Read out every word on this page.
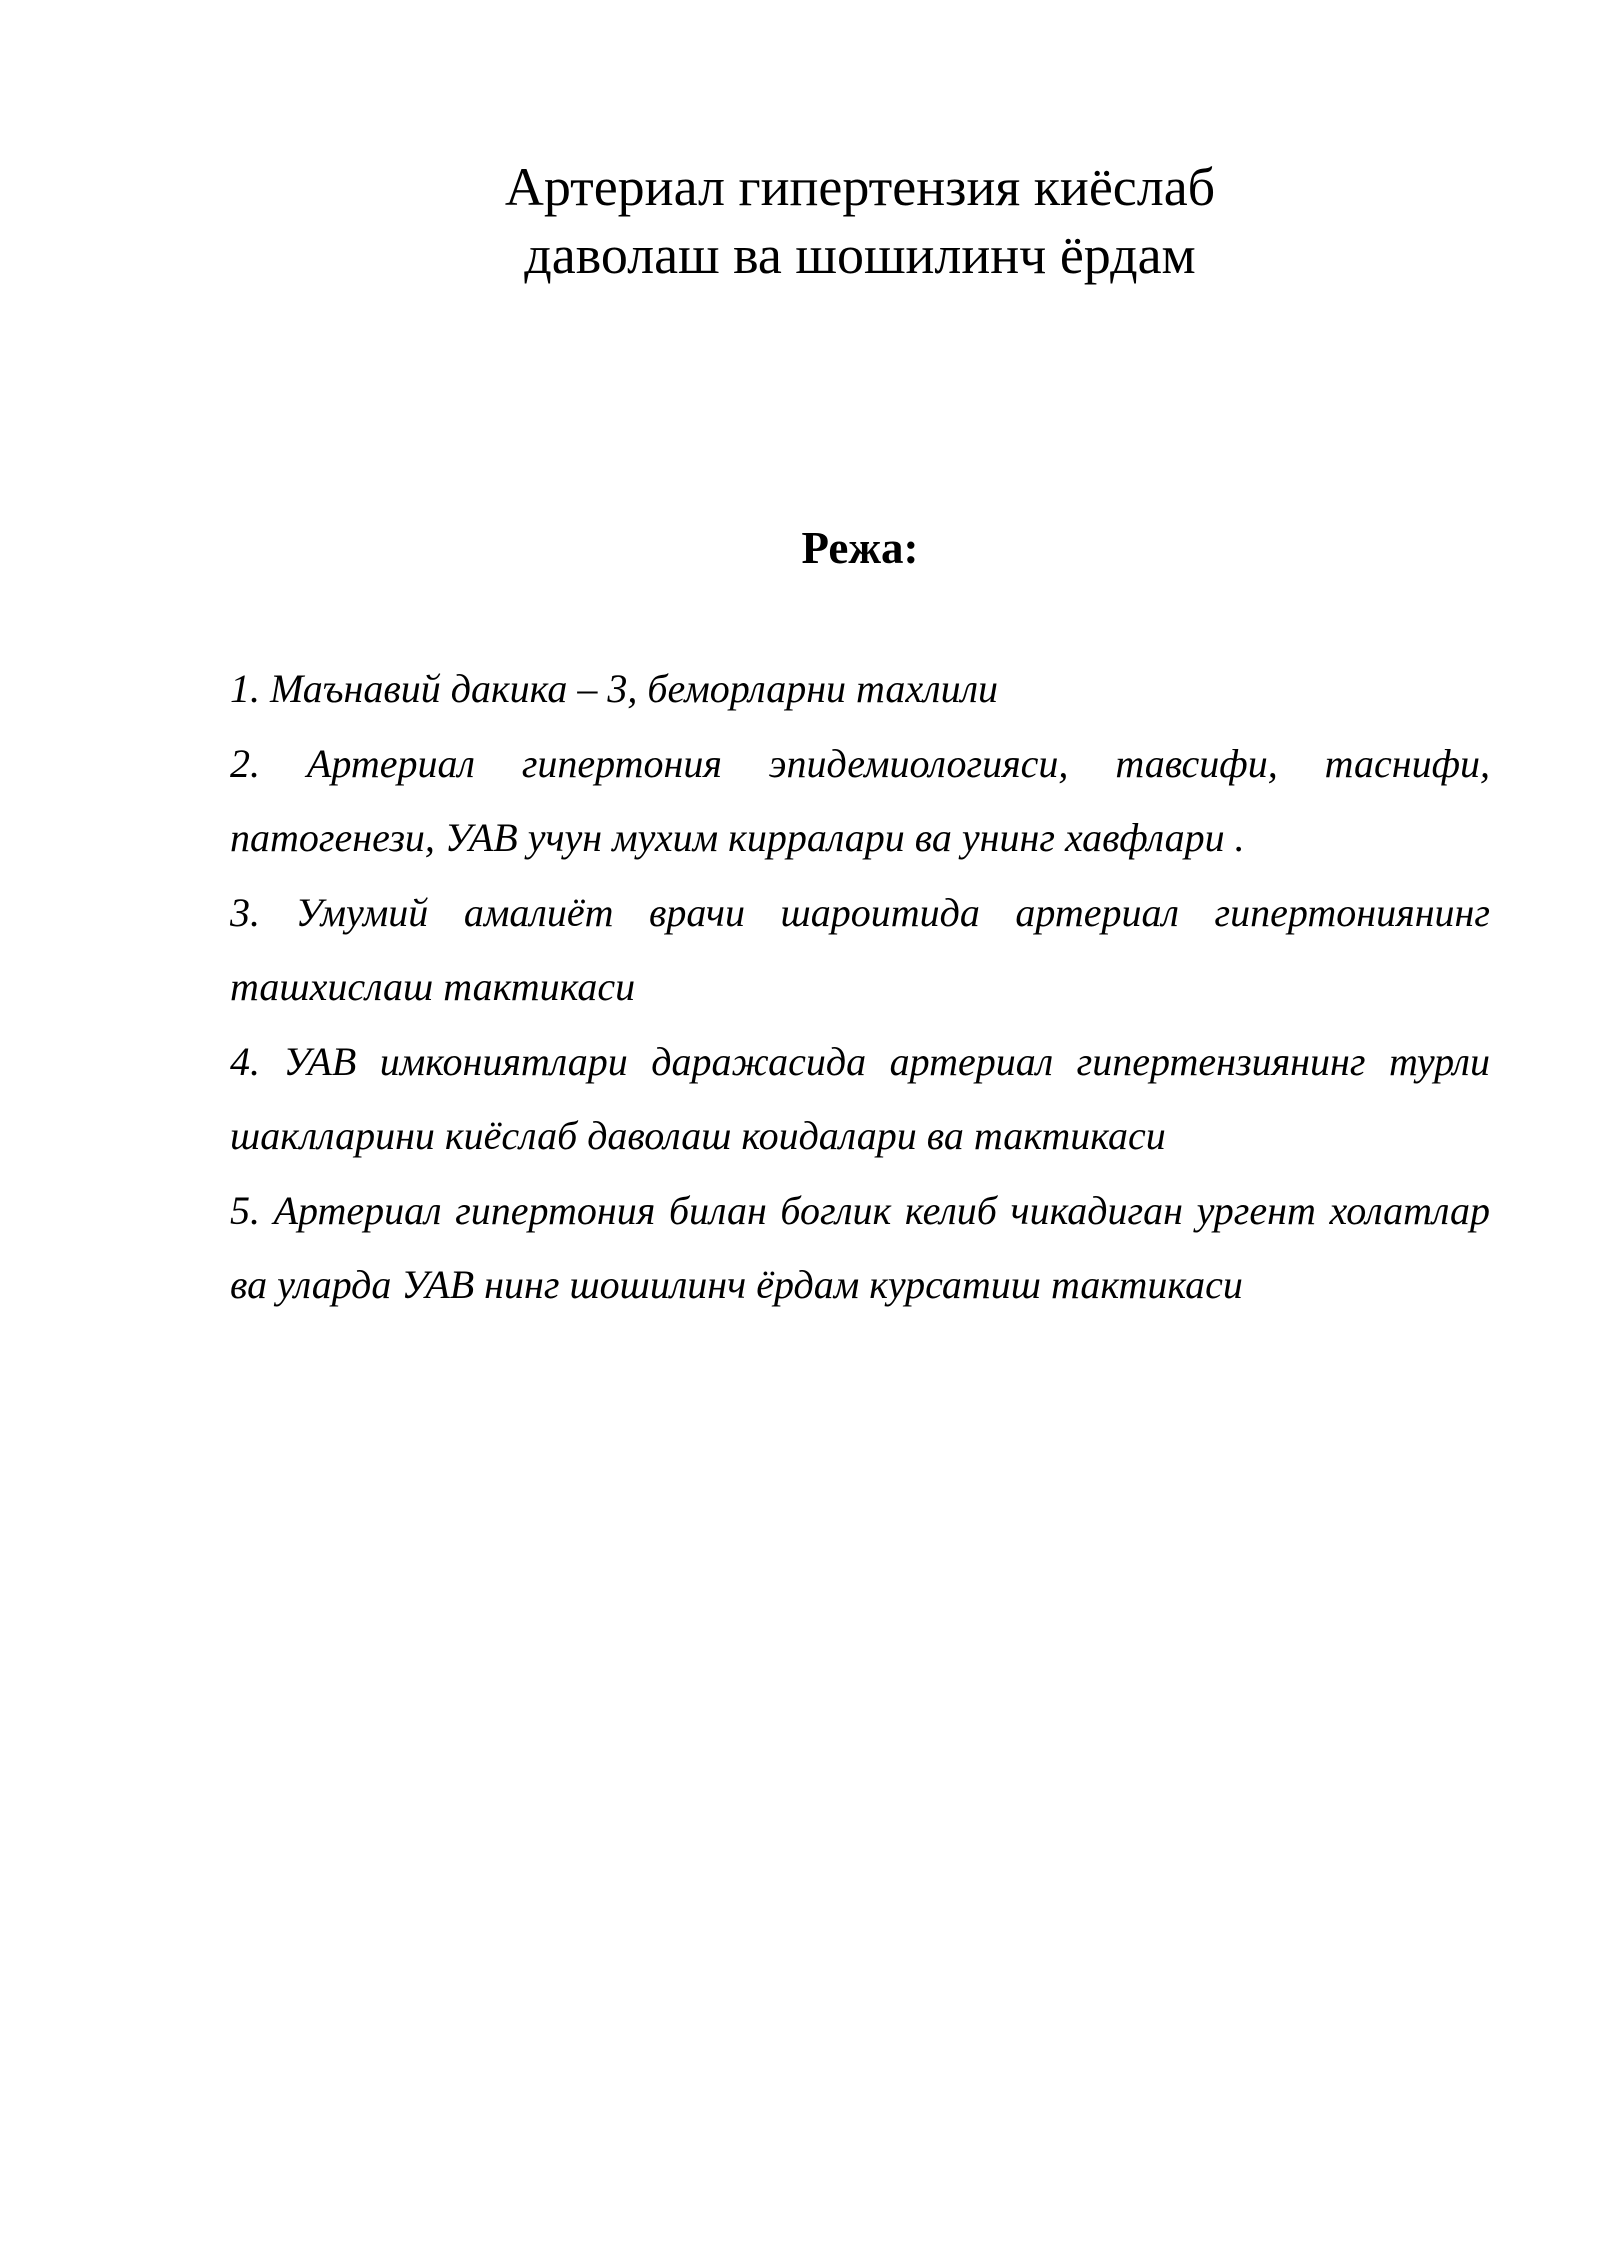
Артериал гипертензия киёслаб
даволаш ва шошилинч ёрдам
Режа:
1. Маънавий дакика – 3, беморларни тахлили
2. Артериал гипертония эпидемиологияси, тавсифи, таснифи, патогенези, УАВ учун мухим кирралари ва унинг хавфлари .
3. Умумий амалиёт врачи шароитида артериал гипертониянинг ташхислаш тактикаси
4. УАВ имкониятлари даражасида артериал гипертензиянинг турли шаклларини киёслаб даволаш коидалари ва тактикаси
5. Артериал гипертония билан боглик келиб чикадиган ургент холатлар ва уларда УАВ нинг шошилинч ёрдам курсатиш тактикаси
